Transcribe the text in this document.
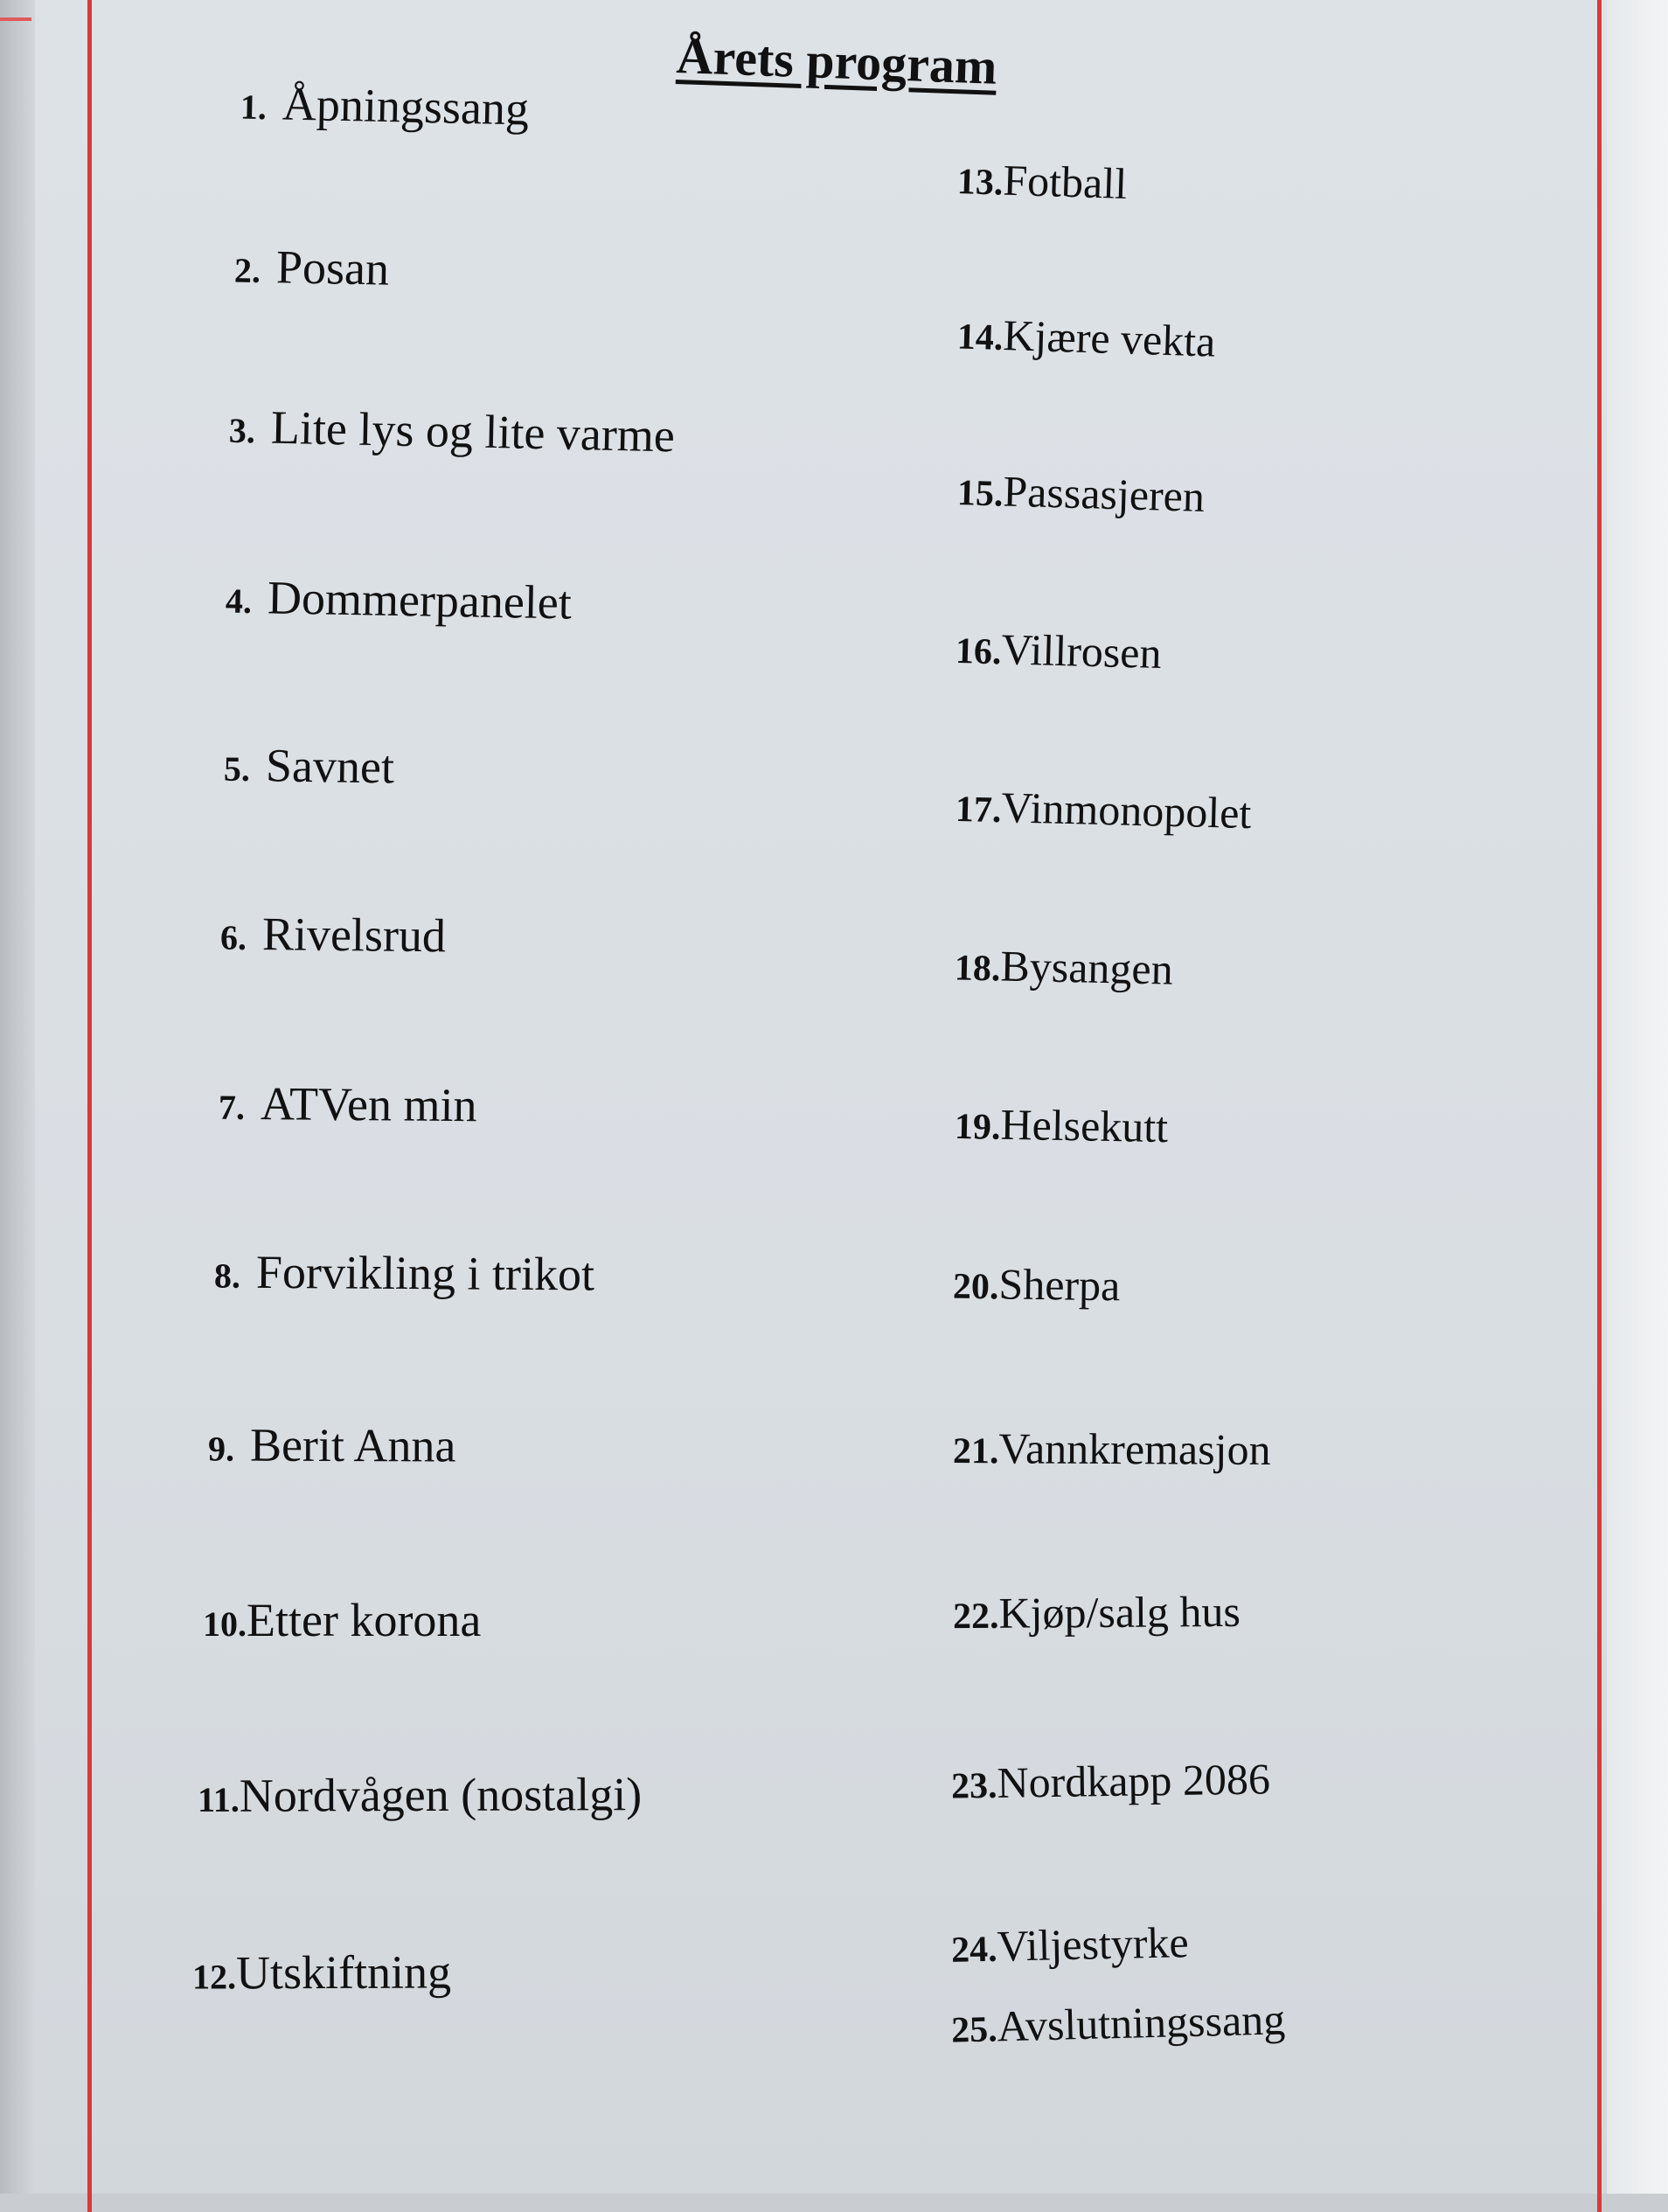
Årets program
1. Åpningssang
2. Posan
3. Lite lys og lite varme
4. Dommerpanelet
5. Savnet
6. Rivelsrud
7. ATVen min
8. Forvikling i trikot
9. Berit Anna
10.Etter korona
11.Nordvågen (nostalgi)
12.Utskiftning
13.Fotball
14.Kjære vekta
15.Passasjeren
16.Villrosen
17.Vinmonopolet
18.Bysangen
19.Helsekutt
20.Sherpa
21.Vannkremasjon
22.Kjøp/salg hus
23.Nordkapp 2086
24.Viljestyrke
25.Avslutningssang
